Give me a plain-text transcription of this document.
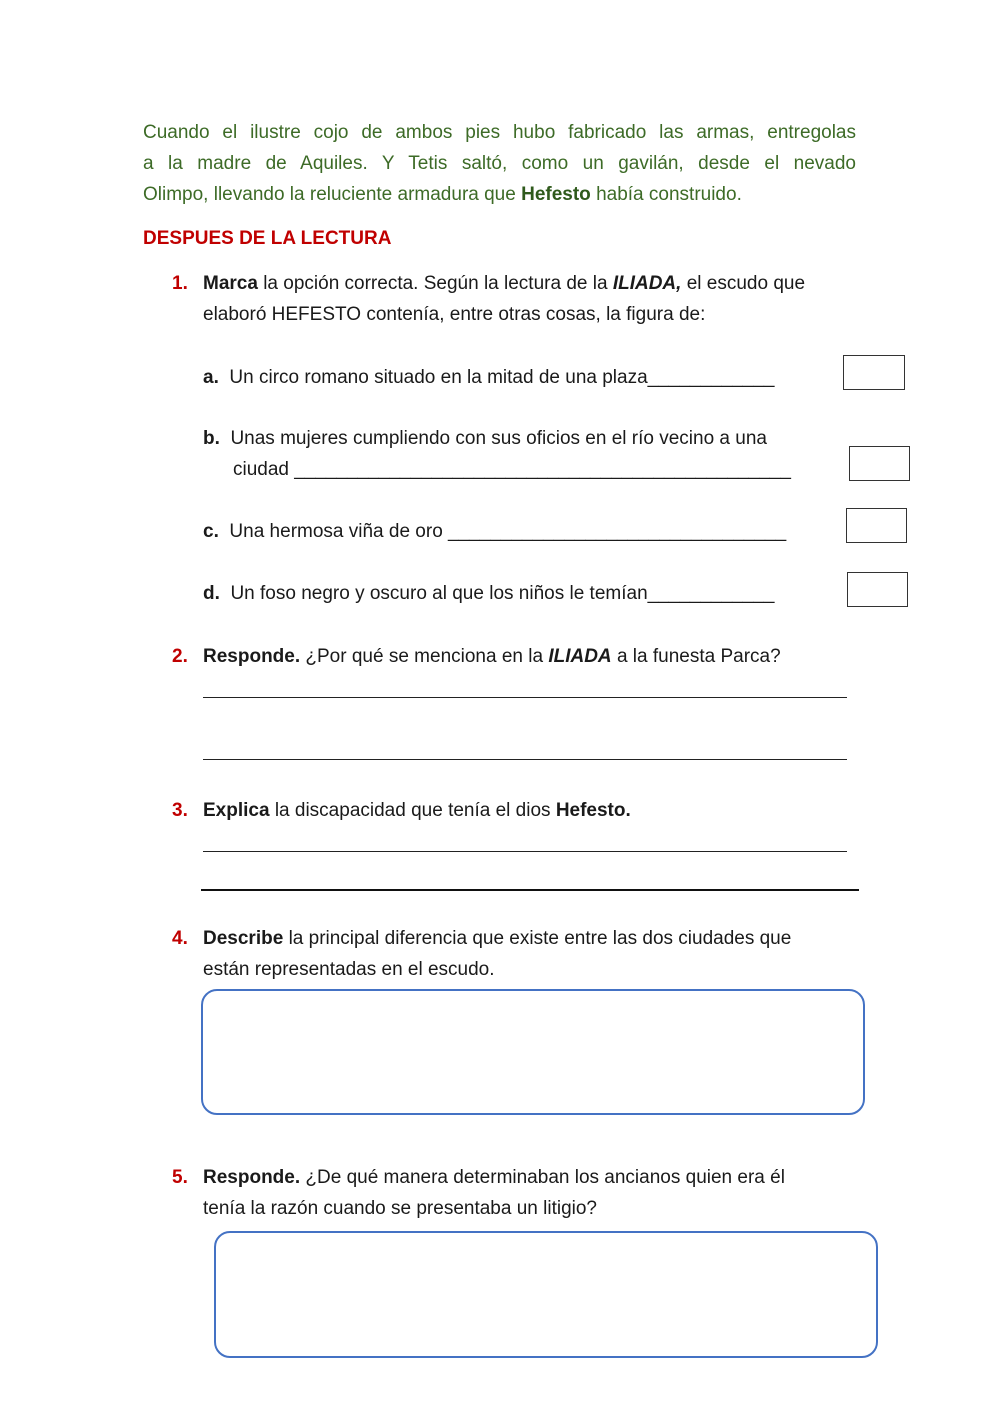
Cuando el ilustre cojo de ambos pies hubo fabricado las armas, entregolas
a la madre de Aquiles. Y Tetis saltó, como un gavilán, desde el nevado
Olimpo, llevando la reluciente armadura que Hefesto había construido.
DESPUES DE LA LECTURA
1. Marca la opción correcta. Según la lectura de la ILIADA, el escudo que
elaboró HEFESTO contenía, entre otras cosas, la figura de:
a. Un circo romano situado en la mitad de una plaza____________
b. Unas mujeres cumpliendo con sus oficios en el río vecino a una
ciudad _______________________________________________
c. Una hermosa viña de oro ________________________________
d. Un foso negro y oscuro al que los niños le temían____________
2. Responde. ¿Por qué se menciona en la ILIADA a la funesta Parca?
3. Explica la discapacidad que tenía el dios Hefesto.
4. Describe la principal diferencia que existe entre las dos ciudades que
están representadas en el escudo.
5. Responde. ¿De qué manera determinaban los ancianos quien era él
tenía la razón cuando se presentaba un litigio?
